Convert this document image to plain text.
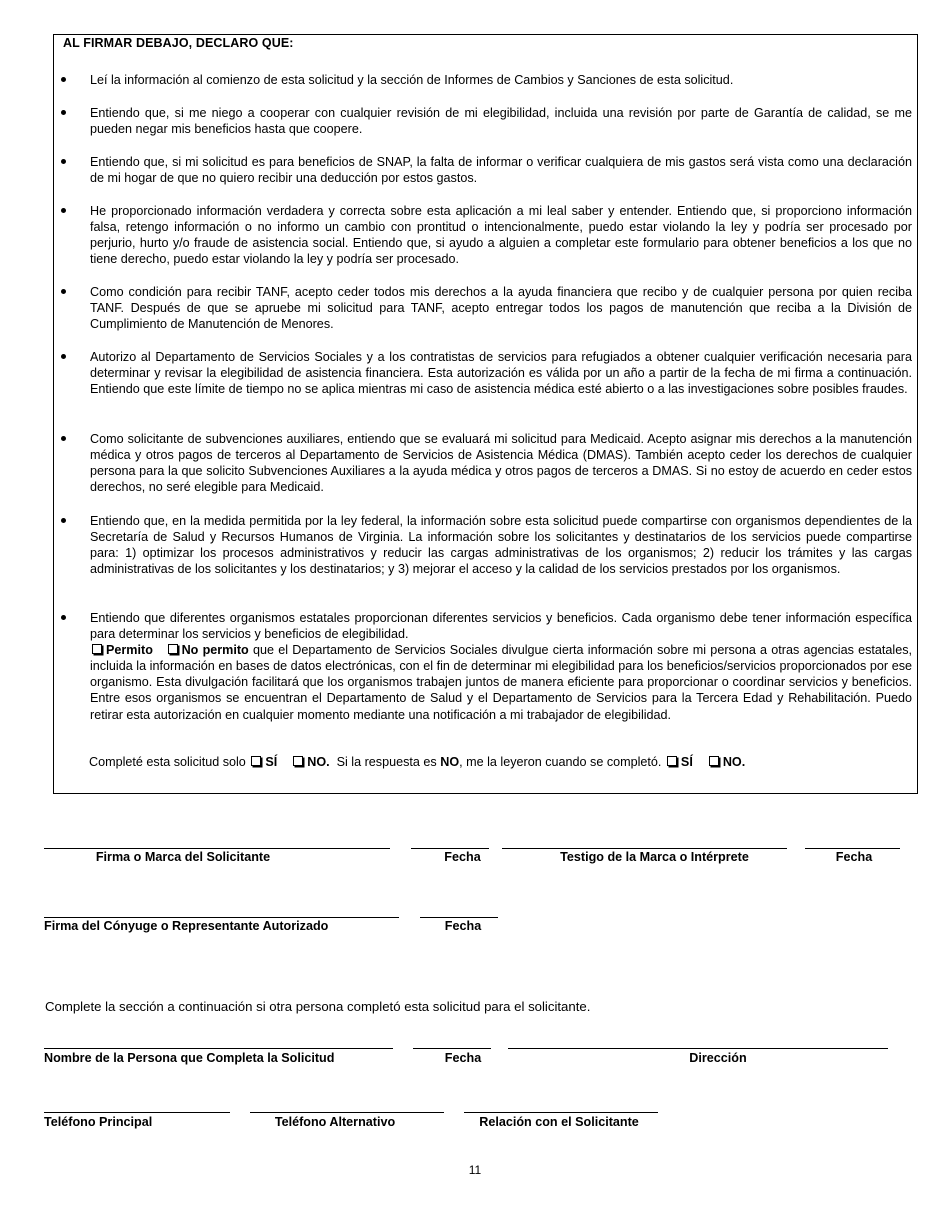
AL FIRMAR DEBAJO, DECLARO QUE:
Leí la información al comienzo de esta solicitud y la sección de Informes de Cambios y Sanciones de esta solicitud.
Entiendo que, si me niego a cooperar con cualquier revisión de mi elegibilidad, incluida una revisión por parte de Garantía de calidad, se me pueden negar mis beneficios hasta que coopere.
Entiendo que, si mi solicitud es para beneficios de SNAP, la falta de informar o verificar cualquiera de mis gastos será vista como una declaración de mi hogar de que no quiero recibir una deducción por estos gastos.
He proporcionado información verdadera y correcta sobre esta aplicación a mi leal saber y entender. Entiendo que, si proporciono información falsa, retengo información o no informo un cambio con prontitud o intencionalmente, puedo estar violando la ley y podría ser procesado por perjurio, hurto y/o fraude de asistencia social. Entiendo que, si ayudo a alguien a completar este formulario para obtener beneficios a los que no tiene derecho, puedo estar violando la ley y podría ser procesado.
Como condición para recibir TANF, acepto ceder todos mis derechos a la ayuda financiera que recibo y de cualquier persona por quien reciba TANF. Después de que se apruebe mi solicitud para TANF, acepto entregar todos los pagos de manutención que reciba a la División de Cumplimiento de Manutención de Menores.
Autorizo al Departamento de Servicios Sociales y a los contratistas de servicios para refugiados a obtener cualquier verificación necesaria para determinar y revisar la elegibilidad de asistencia financiera. Esta autorización es válida por un año a partir de la fecha de mi firma a continuación. Entiendo que este límite de tiempo no se aplica mientras mi caso de asistencia médica esté abierto o a las investigaciones sobre posibles fraudes.
Como solicitante de subvenciones auxiliares, entiendo que se evaluará mi solicitud para Medicaid. Acepto asignar mis derechos a la manutención médica y otros pagos de terceros al Departamento de Servicios de Asistencia Médica (DMAS). También acepto ceder los derechos de cualquier persona para la que solicito Subvenciones Auxiliares a la ayuda médica y otros pagos de terceros a DMAS. Si no estoy de acuerdo en ceder estos derechos, no seré elegible para Medicaid.
Entiendo que, en la medida permitida por la ley federal, la información sobre esta solicitud puede compartirse con organismos dependientes de la Secretaría de Salud y Recursos Humanos de Virginia. La información sobre los solicitantes y destinatarios de los servicios puede compartirse para: 1) optimizar los procesos administrativos y reducir las cargas administrativas de los organismos; 2) reducir los trámites y las cargas administrativas de los solicitantes y los destinatarios; y 3) mejorar el acceso y la calidad de los servicios prestados por los organismos.
Entiendo que diferentes organismos estatales proporcionan diferentes servicios y beneficios. Cada organismo debe tener información específica para determinar los servicios y beneficios de elegibilidad.
Permito No permito que el Departamento de Servicios Sociales divulgue cierta información sobre mi persona a otras agencias estatales, incluida la información en bases de datos electrónicas, con el fin de determinar mi elegibilidad para los beneficios/servicios proporcionados por ese organismo. Esta divulgación facilitará que los organismos trabajen juntos de manera eficiente para proporcionar o coordinar servicios y beneficios. Entre esos organismos se encuentran el Departamento de Salud y el Departamento de Servicios para la Tercera Edad y Rehabilitación. Puedo retirar esta autorización en cualquier momento mediante una notificación a mi trabajador de elegibilidad.
Completé esta solicitud solo SÍ NO. Si la respuesta es NO, me la leyeron cuando se completó. SÍ NO.
Firma o Marca del Solicitante	Fecha	Testigo de la Marca o Intérprete	Fecha
Firma del Cónyuge o Representante Autorizado	Fecha
Complete la sección a continuación si otra persona completó esta solicitud para el solicitante.
Nombre de la Persona que Completa la Solicitud	Fecha	Dirección
Teléfono Principal	Teléfono Alternativo	Relación con el Solicitante
11
